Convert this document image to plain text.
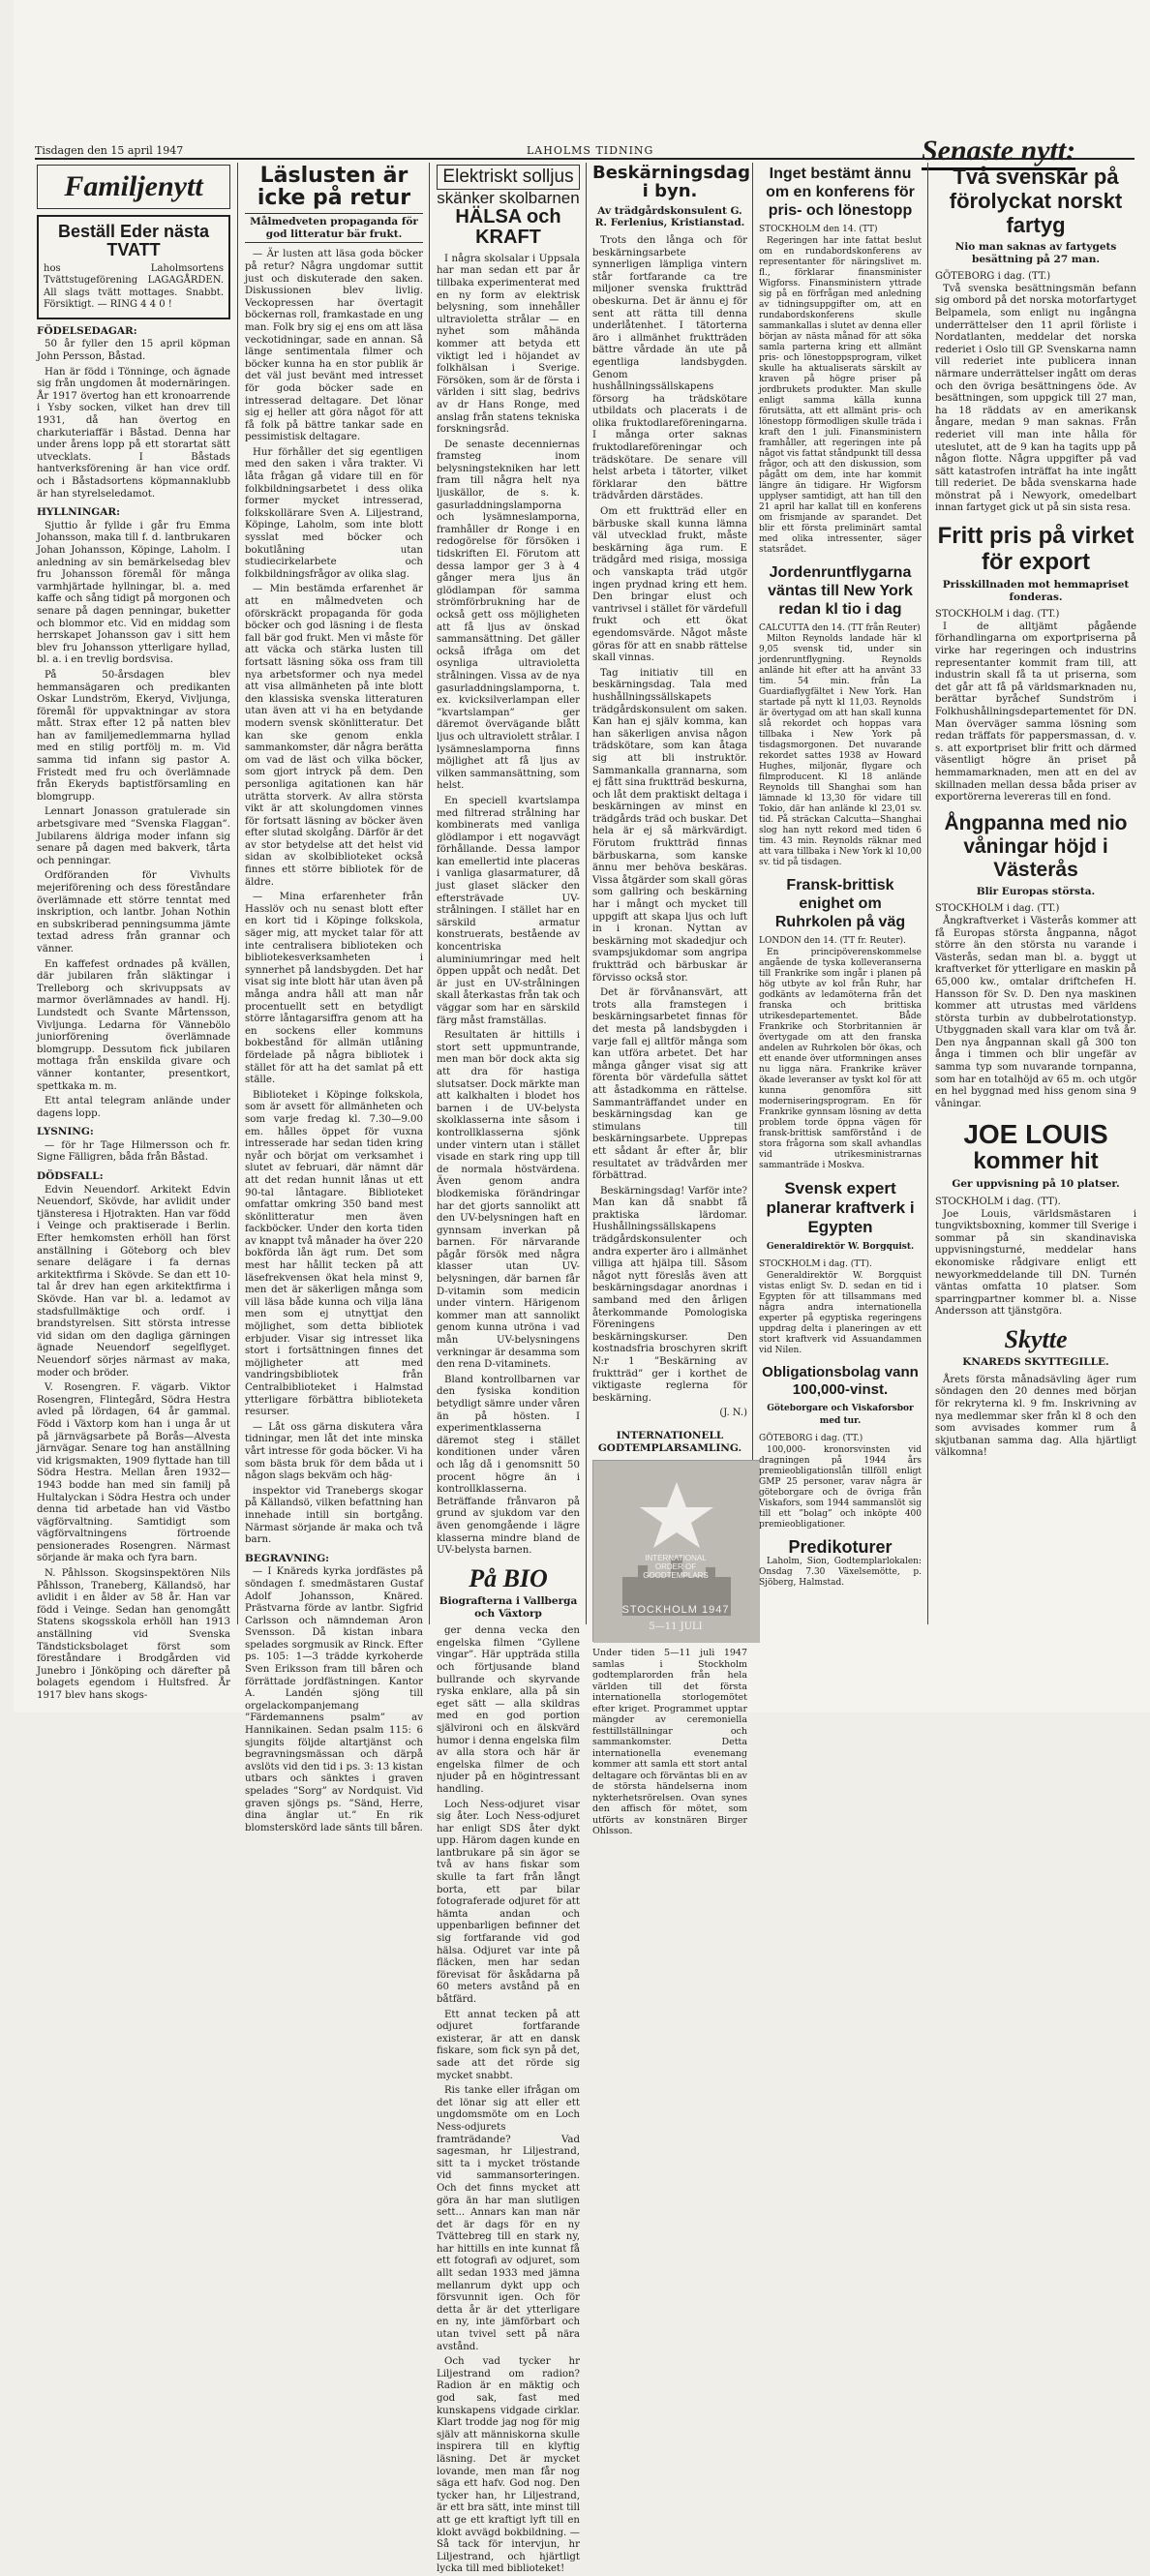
Tisdagen den 15 april 1947	LAHOLMS TIDNING	Senaste nytt:
Familjenytt
Beställ Eder nästa TVATT
hos Laholmsortens Tvättstugeförening LAGAGÅRDEN. All slags tvätt mottages. Snabbt. Försiktigt. — RING 4 4 0 !
FÖDELSEDAGAR:

50 år fyller den 15 april köpman John Persson, Båstad.

Han är född i Tönninge, och ägnade sig från ungdomen åt modernäringen. År 1917 övertog han ett kronoarrende i Ysby socken, vilket han drev till 1931, då han övertog en charkuteriaffär i Båstad. Denna har under årens lopp på ett storartat sätt utvecklats. I Båstads hantverksförening är han vice ordf. och i Båstadsortens köpmannaklubb är han styrelseledamot.

HYLLNINGAR:

Sjuttio år fyllde i går fru Emma Johansson, maka till f. d. lantbrukaren Johan Johansson, Köpinge, Laholm. I anledning av sin bemärkelsedag blev fru Johansson föremål för många varmhjärtade hyllningar, bl. a. med kaffe och sång tidigt på morgonen och senare på dagen penningar, buketter och blommor etc. Vid en middag som herrskapet Johansson gav i sitt hem blev fru Johansson ytterligare hyllad, bl. a. i en trevlig bordsvisa.

På 50-årsdagen blev hemmansägaren och predikanten Oskar Lundström, Ekeryd, Vivljunga, föremål för uppvaktningar av stora mått. Strax efter 12 på natten blev han av familjemedlemmarna hyllad med en stilig portfölj m. m. Vid samma tid infann sig pastor A. Fristedt med fru och överlämnade från Ekeryds baptistförsamling en blomgrupp.

Lennart Jonasson gratulerade sin arbetsgivare med ”Svenska Flaggan”. Jubilarens äldriga moder infann sig senare på dagen med bakverk, tårta och penningar.

Ordföranden för Vivhults mejeriförening och dess föreståndare överlämnade ett större tenntat med inskription, och lantbr. Johan Nothin en subskriberad penningsumma jämte textad adress från grannar och vänner.

En kaffefest ordnades på kvällen, där jubilaren från släktingar i Trelleborg och skrivuppsats av marmor överlämnades av handl. Hj. Lundstedt och Svante Mårtensson, Vivljunga. Ledarna för Vännebölo juniorförening överlämnade blomgrupp. Dessutom fick jubilaren mottaga från enskilda givare och vänner kontanter, presentkort, spettkaka m. m.

Ett antal telegram anlände under dagens lopp.

LYSNING:

— för hr Tage Hilmersson och fr. Signe Fälligren, båda från Båstad.

DÖDSFALL:

Edvin Neuendorf. Arkitekt Edvin Neuendorf, Skövde, har avlidit under tjänsteresa i Hjotrakten. Han var född i Veinge och praktiserade i Berlin. Efter hemkomsten erhöll han först anställning i Göteborg och blev senare delägare i fa dernas arkitektfirma i Skövde. Se dan ett 10-tal år drev han egen arkitektfirma i Skövde. Han var bl. a. ledamot av stadsfullmäktige och ordf. i brandstyrelsen. Sitt största intresse vid sidan om den dagliga gärningen ägnade Neuendorf segelflyget. Neuendorf sörjes närmast av maka, moder och bröder.

V. Rosengren. F. vägarb. Viktor Rosengren, Flintegård, Södra Hestra avled på lördagen, 64 år gammal. Född i Växtorp kom han i unga år ut på järnvägsarbete på Borås—Alvesta järnvägar. Senare tog han anställning vid krigsmakten, 1909 flyttade han till Södra Hestra. Mellan åren 1932—1943 bodde han med sin familj på Hultalyckan i Södra Hestra och under denna tid arbetade han vid Västbo vägförvaltning. Samtidigt som vägförvaltningens förtroende pensionerades Rosengren. Närmast sörjande är maka och fyra barn.

N. Påhlsson. Skogsinspektören Nils Påhlsson, Traneberg, Källandsö, har avlidit i en ålder av 58 år. Han var född i Veinge. Sedan han genomgått Statens skogsskola erhöll han 1913 anställning vid Svenska Tändsticksbolaget först som föreståndare i Brodgården vid Junebro i Jönköping och därefter på bolagets egendom i Hultsfred. År 1917 blev hans skogs-

Läslusten är icke på retur
Målmedveten propaganda för god litteratur bär frukt.

— Är lusten att läsa goda böcker på retur? Några ungdomar suttit just och diskuterade den saken. Diskussionen blev livlig. Veckopressen har övertagit böckernas roll, framkastade en ung man. Folk bry sig ej ens om att läsa veckotidningar, sade en annan. Så länge sentimentala filmer och böcker kunna ha en stor publik är det väl just bevänt med intresset för goda böcker sade en intresserad deltagare. Det lönar sig ej heller att göra något för att få folk på bättre tankar sade en pessimistisk deltagare.

Hur förhåller det sig egentligen med den saken i våra trakter. Vi låta frågan gå vidare till en för folkbildningsarbetet i dess olika former mycket intresserad, folkskollärare Sven A. Liljestrand, Köpinge, Laholm, som inte blott sysslat med böcker och bokutlåning utan studiecirkelarbete och folkbildningsfrågor av olika slag.

— Min bestämda erfarenhet är att en målmedveten och oförskräckt propaganda för goda böcker och god läsning i de flesta fall bär god frukt. Men vi måste för att väcka och stärka lusten till fortsatt läsning söka oss fram till nya arbetsformer och nya medel att visa allmänheten på inte blott den klassiska svenska litteraturen utan även att vi ha en betydande modern svensk skönlitteratur. Det kan ske genom enkla sammankomster, där några berätta om vad de läst och vilka böcker, som gjort intryck på dem. Den personliga agitationen kan här uträtta storverk. Av allra största vikt är att skolungdomen vinnes för fortsatt läsning av böcker även efter slutad skolgång. Därför är det av stor betydelse att det helst vid sidan av skolbiblioteket också finnes ett större bibliotek för de äldre.

— Mina erfarenheter från Hasslöv och nu senast blott efter en kort tid i Köpinge folkskola, säger mig, att mycket talar för att inte centralisera biblioteken och bibliotekesverksamheten i synnerhet på landsbygden. Det har visat sig inte blott här utan även på många andra håll att man når procentuellt sett en betydligt större låntagarsiffra genom att ha en sockens eller kommuns bokbestånd för allmän utlåning fördelade på några bibliotek i stället för att ha det samlat på ett ställe.

Biblioteket i Köpinge folkskola, som är avsett för allmänheten och som varje fredag kl. 7.30—9.00 em. hålles öppet för vuxna intresserade har sedan tiden kring nyår och börjat om verksamhet i slutet av februari, där nämnt där att det redan hunnit lånas ut ett 90-tal låntagare. Biblioteket omfattar omkring 350 band mest skönlitteratur men även fackböcker. Under den korta tiden av knappt två månader ha över 220 bokförda lån ägt rum. Det som mest har hållit tecken på att läsefrekvensen ökat hela minst 9, men det är säkerligen många som vill läsa både kunna och vilja läna men som ej utnyttjat den möjlighet, som detta bibliotek erbjuder. Visar sig intresset lika stort i fortsättningen finnes det möjligheter att med vandringsbibliotek från Centralbiblioteket i Halmstad ytterligare förbättra biblioteketa resurser.

— Låt oss gärna diskutera våra tidningar, men låt det inte minska vårt intresse för goda böcker. Vi ha som bästa bruk för dem båda ut i någon slags bekväm och häg-

inspektor vid Tranebergs skogar på Källandsö, vilken befattning han innehade intill sin bortgång. Närmast sörjande är maka och två barn.

BEGRAVNING:

— I Knäreds kyrka jordfästes på söndagen f. smedmästaren Gustaf Adolf Johansson, Knäred. Prästvarna förde av lantbr. Sigfrid Carlsson och nämndeman Aron Svensson. Då kistan inbara spelades sorgmusik av Rinck. Efter ps. 105: 1—3 trädde kyrkoherde Sven Eriksson fram till båren och förrättade jordfästningen. Kantor A. Landén sjöng till orgelackompanjemang ”Färdemannens psalm” av Hannikainen. Sedan psalm 115: 6 sjungits följde altartjänst och begravningsmässan och därpå avslöts vid den tid i ps. 3: 13 kistan utbars och sänktes i graven spelades ”Sorg” av Nordquist. Vid graven sjöngs ps. ”Sänd, Herre, dina änglar ut.” En rik blomsterskörd lade sänts till båren.

Elektriskt solljus
skänker skolbarnen
HÄLSA och KRAFT

I några skolsalar i Uppsala har man sedan ett par år tillbaka experimenterat med en ny form av elektrisk belysning, som innehåller ultravioletta strålar — en nyhet som måhända kommer att betyda ett viktigt led i höjandet av folkhälsan i Sverige. Försöken, som är de första i världen i sitt slag, bedrivs av dr Hans Ronge, med anslag från statens tekniska forskningsråd.

De senaste decenniernas framsteg inom belysningstekniken har lett fram till några helt nya ljuskällor, de s. k. gasurladdningslamporna och lysämneslamporna, framhåller dr Ronge i en redogörelse för försöken i tidskriften El. Förutom att dessa lampor ger 3 à 4 gånger mera ljus än glödlampan för samma strömförbrukning har de också gett oss möjligheten att få ljus av önskad sammansättning. Det gäller också ifråga om det osynliga ultravioletta strålningen. Vissa av de nya gasurladdningslamporna, t. ex. kvicksilverlampan eller ”kvartslampan” ger däremot övervägande blått ljus och ultraviolett strålar. I lysämneslamporna finns möjlighet att få ljus av vilken sammansättning, som helst.

En speciell kvartslampa med filtrerad strålning har kombinerats med vanliga glödlampor i ett nogavvägt förhållande. Dessa lampor kan emellertid inte placeras i vanliga glasarmaturer, då just glaset släcker den eftersträvade UV-strålningen. I stället har en särskild armatur konstruerats, bestående av koncentriska aluminiumringar med helt öppen uppåt och nedåt. Det är just en UV-strålningen skall återkastas från tak och väggar som har en särskild färg måst framställas.

Resultaten är hittills i stort sett uppmuntrande, men man bör dock akta sig att dra för hastiga slutsatser. Dock märkte man att kalkhalten i blodet hos barnen i de UV-belysta skolklasserna inte såsom i kontrollklasserna sjönk under vintern utan i stället visade en stark ring upp till de normala höstvärdena. Även genom andra blodkemiska förändringar har det gjorts sannolikt att den UV-belysningen haft en gynnsam inverkan på barnen. För närvarande pågår försök med några klasser utan UV-belysningen, där barnen får D-vitamin som medicin under vintern. Härigenom kommer man att sannolikt genom kunna utröna i vad mån UV-belysningens verkningar är desamma som den rena D-vitaminets.

Bland kontrollbarnen var den fysiska kondition betydligt sämre under våren än på hösten. I experimentklasserna däremot steg i stället konditionen under våren och låg då i genomsnitt 50 procent högre än i kontrollklasserna. Beträffande frånvaron på grund av sjukdom var den även genomgående i lägre klasserna mindre bland de UV-belysta barnen.

På BIO
Biografterna i Vallberga och Växtorp

ger denna vecka den engelska filmen ”Gyllene vingar”. Här uppträda stilla och förtjusande bland bullrande och skyrvande ryska enklare, alla på sin eget sätt — alla skildras med en god portion självironi och en älskvärd humor i denna engelska film av alla stora och här är engelska filmer de och njuder på en högintressant handling.

Loch Ness-odjuret visar sig åter. Loch Ness-odjuret har enligt SDS åter dykt upp. Härom dagen kunde en lantbrukare på sin ägor se två av hans fiskar som skulle ta fart från långt borta, ett par bilar fotograferade odjuret för att hämta andan och uppenbarligen befinner det sig fortfarande vid god hälsa. Odjuret var inte på fläcken, men har sedan förevisat för åskådarna på 60 meters avstånd på en båtfärd.

Ett annat tecken på att odjuret fortfarande existerar, är att en dansk fiskare, som fick syn på det, sade att det rörde sig mycket snabbt.

Ris tanke eller ifrågan om det lönar sig att eller ett ungdomsmöte om en Loch Ness-odjurets framträdande? Vad sagesman, hr Liljestrand, sitt ta i mycket tröstande vid sammansorteringen. Och det finns mycket att göra än har man slutligen sett... Annars kan man när det är dags för en ny Tvättebreg till en stark ny, har hittills en inte kunnat få ett fotografi av odjuret, som allt sedan 1933 med jämna mellanrum dykt upp och försvunnit igen. Och för detta år är det ytterligare en ny, inte jämförbart och utan tvivel sett på nära avstånd.

Och vad tycker hr Liljestrand om radion? Radion är en mäktig och god sak, fast med kunskapens vidgade cirklar. Klart trodde jag nog för mig själv att människorna skulle inspirera till en klyftig läsning. Det är mycket lovande, men man får nog säga ett hafv. God nog. Den tycker han, hr Liljestrand, är ett bra sätt, inte minst till att ge ett kraftigt lyft till en klokt avvägd bokbildning. — Så tack för intervjun, hr Liljestrand, och hjärtligt lycka till med biblioteket!

Beskärningsdag i byn.
Av trädgårdskonsulent G. R. Ferlenius, Kristianstad.

Trots den långa och för beskärningsarbete synnerligen lämpliga vintern står fortfarande ca tre miljoner svenska fruktträd obeskurna. Det är ännu ej för sent att rätta till denna underlåtenhet. I tätorterna äro i allmänhet fruktträden bättre vårdade än ute på egentliga landsbygden. Genom hushållningssällskapens försorg ha trädskötare utbildats och placerats i de olika fruktodlareföreningarna. I många orter saknas fruktodlareföreningar och trädskötare. De senare vill helst arbeta i tätorter, vilket förklarar den bättre trädvården därstädes.

Om ett fruktträd eller en bärbuske skall kunna lämna väl utvecklad frukt, måste beskärning äga rum. E trädgård med risiga, mossiga och vanskapta träd utgör ingen prydnad kring ett hem. Den bringar elust och vantrivsel i stället för värdefull frukt och ett ökat egendomsvärde. Något måste göras för att en snabb rättelse skall vinnas.

Tag initiativ till en beskärningsdag. Tala med hushållningssällskapets trädgårdskonsulent om saken. Kan han ej själv komma, kan han säkerligen anvisa någon trädskötare, som kan åtaga sig att bli instruktör. Sammankalla grannarna, som ej fått sina fruktträd beskurna, och låt dem praktiskt deltaga i beskärningen av minst en trädgårds träd och buskar. Det hela är ej så märkvärdigt. Förutom fruktträd finnas bärbuskarna, som kanske ännu mer behöva beskäras. Vissa åtgärder som skall göras som gallring och beskärning har i mångt och mycket till uppgift att skapa ljus och luft in i kronan. Nyttan av beskärning mot skadedjur och svampsjukdomar som angripa fruktträd och bärbuskar är förvisso också stor.

Det är förvånansvärt, att trots alla framstegen i beskärningsarbetet finnas för det mesta på landsbygden i varje fall ej alltför många som kan utföra arbetet. Det har många gånger visat sig att förenta bör värdefulla sättet att åstadkomma en rättelse. Sammanträffandet under en beskärningsdag kan ge stimulans till beskärningsarbete. Upprepas ett sådant år efter år, blir resultatet av trädvården mer förbättrad.

Beskärningsdag! Varför inte? Man kan då snabbt få praktiska lärdomar. Hushållningssällskapens trädgårdskonsulenter och andra experter äro i allmänhet villiga att hjälpa till. Såsom något nytt föreslås även att beskärningsdagar anordnas i samband med den årligen återkommande Pomologiska Föreningens beskärningskurser. Den kostnadsfria broschyren skrift N:r 1 ”Beskärning av fruktträd” ger i korthet de viktigaste reglerna för beskärning.

(J. N.)
INTERNATIONELL GODTEMPLARSAMLING.
INTERNATIONAL
ORDER OF
GOODTEMPLARS
STOCKHOLM 1947
5—11 JULI
Under tiden 5—11 juli 1947 samlas i Stockholm godtemplarorden från hela världen till det första internationella storlogemötet efter kriget. Programmet upptar mängder av ceremoniella festtillställningar och sammankomster. Detta internationella evenemang kommer att samla ett stort antal deltagare och förväntas bli en av de största händelserna inom nykterhetsrörelsen. Ovan synes den affisch för mötet, som utförts av konstnären Birger Ohlsson.
Inget bestämt ännu om en konferens för pris- och lönestopp
STOCKHOLM den 14. (TT)

Regeringen har inte fattat beslut om en rundabordskonferens av representanter för näringslivet m. fl., förklarar finansminister Wigforss. Finansministern yttrade sig på en förfrågan med anledning av tidningsuppgifter om, att en rundabordskonferens skulle sammankallas i slutet av denna eller början av nästa månad för att söka samla parterna kring ett allmänt pris- och lönestoppsprogram, vilket skulle ha aktualiserats särskilt av kraven på högre priser på jordbrukets produkter. Man skulle enligt samma källa kunna förutsätta, att ett allmänt pris- och lönestopp förmodligen skulle träda i kraft den 1 juli. Finansministern framhåller, att regeringen inte på något vis fattat ståndpunkt till dessa frågor, och att den diskussion, som pågått om dem, inte har kommit längre än tidigare. Hr Wigforsm upplyser samtidigt, att han till den 21 april har kallat till en konferens om frismjande av sparandet. Det blir ett första preliminärt samtal med olika intressenter, säger statsrådet.

Jordenruntflygarna väntas till New York redan kl tio i dag
CALCUTTA den 14. (TT från Reuter)

Milton Reynolds landade här kl 9,05 svensk tid, under sin jordenruntflygning. Reynolds anlände hit efter att ha använt 33 tim. 54 min. från La Guardiaflygfältet i New York. Han startade på nytt kl 11,03. Reynolds är övertygad om att han skall kunna slå rekordet och hoppas vara tillbaka i New York på tisdagsmorgonen. Det nuvarande rekordet sattes 1938 av Howard Hughes, miljonär, flygare och filmproducent. Kl 18 anlände Reynolds till Shanghai som han lämnade kl 13,30 för vidare till Tokio, där han anlände kl 23,01 sv. tid. På sträckan Calcutta—Shanghai slog han nytt rekord med tiden 6 tim. 43 min. Reynolds räknar med att vara tillbaka i New York kl 10,00 sv. tid på tisdagen.

Fransk-brittisk enighet om Ruhrkolen på väg
LONDON den 14. (TT fr. Reuter).

En principöverenskommelse angående de tyska kolleveranserna till Frankrike som ingår i planen på hög utbyte av kol från Ruhr, har godkänts av ledamöterna från det franska och brittiska utrikesdepartementet. Både Frankrike och Storbritannien är övertygade om att den franska andelen av Ruhrkolen bör ökas, och ett enande över utformningen anses nu ligga nära. Frankrike kräver ökade leveranser av tyskt kol för att kunna genomföra sitt moderniseringsprogram. En för Frankrike gynnsam lösning av detta problem torde öppna vägen för fransk-brittisk samförstånd i de stora frågorna som skall avhandlas vid utrikesministrarnas sammanträde i Moskva.

Svensk expert planerar kraftverk i Egypten
Generaldirektör W. Borgquist.
STOCKHOLM i dag. (TT).

Generaldirektör W. Borgquist vistas enligt Sv. D. sedan en tid i Egypten för att tillsammans med några andra internationella experter på egyptiska regeringens uppdrag delta i planeringen av ett stort kraftverk vid Assuandammen vid Nilen.

Obligationsbolag vann 100,000-vinst.
Göteborgare och Viskaforsbor med tur.
GÖTEBORG i dag. (TT.)

100,000- kronorsvinsten vid dragningen på 1944 års premieobligationslån tillföll enligt GMP 25 personer, varav några är göteborgare och de övriga från Viskafors, som 1944 sammanslöt sig till ett ”bolag” och inköpte 400 premieobligationer.

Predikoturer

Laholm, Sion, Godtemplarlokalen: Onsdag 7.30 Växelsemötte, p. Sjöberg, Halmstad.

Två svenskar på förolyckat norskt fartyg
Nio man saknas av fartygets besättning på 27 man.
GÖTEBORG i dag. (TT.)

Två svenska besättningsmän befann sig ombord på det norska motorfartyget Belpamela, som enligt nu ingångna underrättelser den 11 april förliste i Nordatlanten, meddelar det norska rederiet i Oslo till GP. Svenskarna namn vill rederiet inte publicera innan närmare underrättelser ingått om deras och den övriga besättningens öde. Av besättningen, som uppgick till 27 man, ha 18 räddats av en amerikansk ångare, medan 9 man saknas. Från rederiet vill man inte hålla för uteslutet, att de 9 kan ha tagits upp på någon flotte. Några uppgifter på vad sätt katastrofen inträffat ha inte ingått till rederiet. De båda svenskarna hade mönstrat på i Newyork, omedelbart innan fartyget gick ut på sin sista resa.

Fritt pris på virket för export
Prisskillnaden mot hemmapriset fonderas.
STOCKHOLM i dag. (TT.)

I de alltjämt pågående förhandlingarna om exportpriserna på virke har regeringen och industrins representanter kommit fram till, att industrin skall få ta ut priserna, som det går att få på världsmarknaden nu, berättar byråchef Sundström i Folkhushållningsdepartementet för DN. Man överväger samma lösning som redan träffats för pappersmassan, d. v. s. att exportpriset blir fritt och därmed väsentligt högre än priset på hemmamarknaden, men att en del av skillnaden mellan dessa båda priser av exportörerna levereras till en fond.

Ångpanna med nio våningar höjd i Västerås
Blir Europas största.
STOCKHOLM i dag. (TT.)

Ångkraftverket i Västerås kommer att få Europas största ångpanna, något större än den största nu varande i Västerås, sedan man bl. a. byggt ut kraftverket för ytterligare en maskin på 65,000 kw., omtalar driftchefen H. Hansson för Sv. D. Den nya maskinen kommer att utrustas med världens största turbin av dubbelrotationstyp. Utbyggnaden skall vara klar om två år. Den nya ångpannan skall gå 300 ton ånga i timmen och blir ungefär av samma typ som nuvarande tornpanna, som har en totalhöjd av 65 m. och utgör en hel byggnad med hiss genom sina 9 våningar.

JOE LOUIS
kommer hit
Ger uppvisning på 10 platser.
STOCKHOLM i dag. (TT).

Joe Louis, världsmästaren i tungviktsboxning, kommer till Sverige i sommar på sin skandinaviska uppvisningsturné, meddelar hans ekonomiske rådgivare enligt ett newyorkmeddelande till DN. Turnén väntas omfatta 10 platser. Som sparringpartner kommer bl. a. Nisse Andersson att tjänstgöra.

Skytte
KNAREDS SKYTTEGILLE.

Årets första månadsävling äger rum söndagen den 20 dennes med början för rekryterna kl. 9 fm. Inskrivning av nya medlemmar sker från kl 8 och den som avvisades kommer rum å skjutbanan samma dag. Alla hjärtligt välkomna!
